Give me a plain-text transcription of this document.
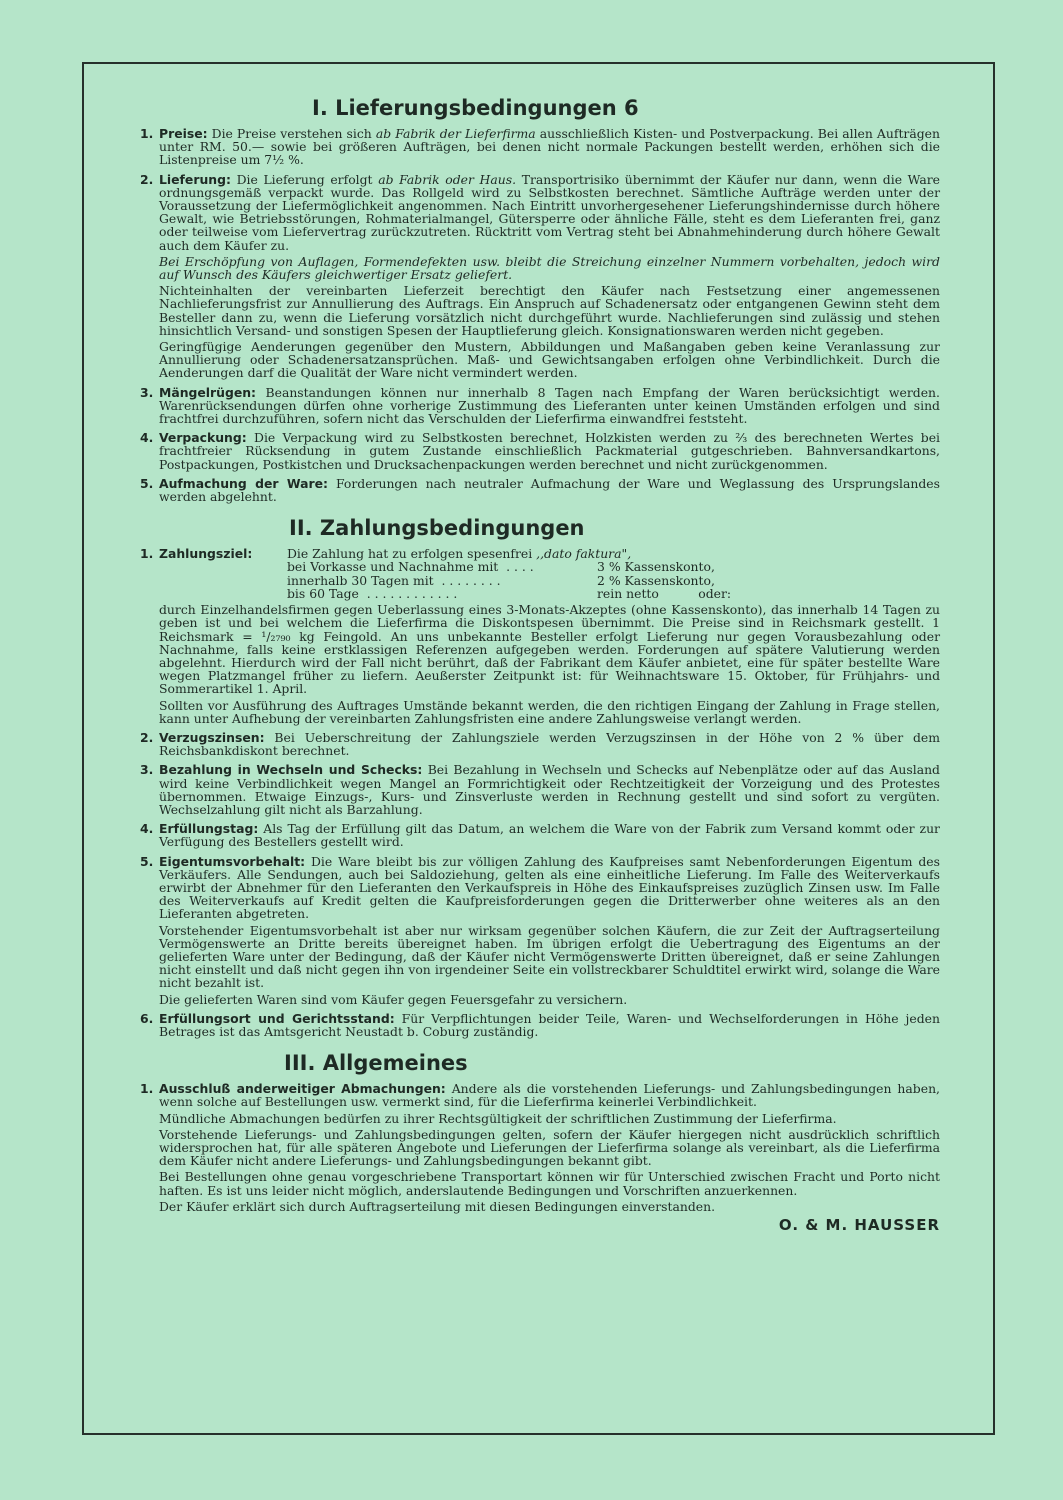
I. Lieferungsbedingungen 6
1. Preise: Die Preise verstehen sich ab Fabrik der Lieferfirma ausschließlich Kisten- und Postverpackung. Bei allen Aufträgen unter RM. 50.— sowie bei größeren Aufträgen, bei denen nicht normale Packungen bestellt werden, erhöhen sich die Listenpreise um 7½ %.

2. Lieferung: Die Lieferung erfolgt ab Fabrik oder Haus. Transportrisiko übernimmt der Käufer nur dann, wenn die Ware ordnungsgemäß verpackt wurde. Das Rollgeld wird zu Selbstkosten berechnet. Sämtliche Aufträge werden unter der Voraussetzung der Liefermöglichkeit angenommen. Nach Eintritt unvorhergesehener Lieferungshindernisse durch höhere Gewalt, wie Betriebsstörungen, Rohmaterialmangel, Gütersperre oder ähnliche Fälle, steht es dem Lieferanten frei, ganz oder teilweise vom Liefervertrag zurückzutreten. Rücktritt vom Vertrag steht bei Abnahmehinderung durch höhere Gewalt auch dem Käufer zu.

Bei Erschöpfung von Auflagen, Formendefekten usw. bleibt die Streichung einzelner Nummern vorbehalten, jedoch wird auf Wunsch des Käufers gleichwertiger Ersatz geliefert.

Nichteinhalten der vereinbarten Lieferzeit berechtigt den Käufer nach Festsetzung einer angemessenen Nachlieferungsfrist zur Annullierung des Auftrags. Ein Anspruch auf Schadenersatz oder entgangenen Gewinn steht dem Besteller dann zu, wenn die Lieferung vorsätzlich nicht durchgeführt wurde. Nachlieferungen sind zulässig und stehen hinsichtlich Versand- und sonstigen Spesen der Hauptlieferung gleich. Konsignationswaren werden nicht gegeben.

Geringfügige Aenderungen gegenüber den Mustern, Abbildungen und Maßangaben geben keine Veranlassung zur Annullierung oder Schadenersatzansprüchen. Maß- und Gewichtsangaben erfolgen ohne Verbindlichkeit. Durch die Aenderungen darf die Qualität der Ware nicht vermindert werden.

3. Mängelrügen: Beanstandungen können nur innerhalb 8 Tagen nach Empfang der Waren berücksichtigt werden. Warenrücksendungen dürfen ohne vorherige Zustimmung des Lieferanten unter keinen Umständen erfolgen und sind frachtfrei durchzuführen, sofern nicht das Verschulden der Lieferfirma einwandfrei feststeht.

4. Verpackung: Die Verpackung wird zu Selbstkosten berechnet, Holzkisten werden zu ⅔ des berechneten Wertes bei frachtfreier Rücksendung in gutem Zustande einschließlich Packmaterial gutgeschrieben. Bahnversandkartons, Postpackungen, Postkistchen und Drucksachenpackungen werden berechnet und nicht zurückgenommen.

5. Aufmachung der Ware: Forderungen nach neutraler Aufmachung der Ware und Weglassung des Ursprungslandes werden abgelehnt.

II. Zahlungsbedingungen
1. Zahlungsziel:	Die Zahlung hat zu erfolgen spesenfrei ,,dato faktura",
bei Vorkasse und Nachnahme mit  . . . .	3 % Kassenskonto,
innerhalb 30 Tagen mit  . . . . . . . .	2 % Kassenskonto,
bis 60 Tage  . . . . . . . . . . . .	rein netto          oder:

durch Einzelhandelsfirmen gegen Ueberlassung eines 3-Monats-Akzeptes (ohne Kassenskonto), das innerhalb 14 Tagen zu geben ist und bei welchem die Lieferfirma die Diskontspesen übernimmt. Die Preise sind in Reichsmark gestellt. 1 Reichsmark = ¹/₂₇₉₀ kg Feingold. An uns unbekannte Besteller erfolgt Lieferung nur gegen Vorausbezahlung oder Nachnahme, falls keine erstklassigen Referenzen aufgegeben werden. Forderungen auf spätere Valutierung werden abgelehnt. Hierdurch wird der Fall nicht berührt, daß der Fabrikant dem Käufer anbietet, eine für später bestellte Ware wegen Platzmangel früher zu liefern. Aeußerster Zeitpunkt ist: für Weihnachtsware 15. Oktober, für Frühjahrs- und Sommerartikel 1. April.

Sollten vor Ausführung des Auftrages Umstände bekannt werden, die den richtigen Eingang der Zahlung in Frage stellen, kann unter Aufhebung der vereinbarten Zahlungsfristen eine andere Zahlungsweise verlangt werden.

2. Verzugszinsen: Bei Ueberschreitung der Zahlungsziele werden Verzugszinsen in der Höhe von 2 % über dem Reichsbankdiskont berechnet.

3. Bezahlung in Wechseln und Schecks: Bei Bezahlung in Wechseln und Schecks auf Nebenplätze oder auf das Ausland wird keine Verbindlichkeit wegen Mangel an Formrichtigkeit oder Rechtzeitigkeit der Vorzeigung und des Protestes übernommen. Etwaige Einzugs-, Kurs- und Zinsverluste werden in Rechnung gestellt und sind sofort zu vergüten. Wechselzahlung gilt nicht als Barzahlung.

4. Erfüllungstag: Als Tag der Erfüllung gilt das Datum, an welchem die Ware von der Fabrik zum Versand kommt oder zur Verfügung des Bestellers gestellt wird.

5. Eigentumsvorbehalt: Die Ware bleibt bis zur völligen Zahlung des Kaufpreises samt Nebenforderungen Eigentum des Verkäufers. Alle Sendungen, auch bei Saldoziehung, gelten als eine einheitliche Lieferung. Im Falle des Weiterverkaufs erwirbt der Abnehmer für den Lieferanten den Verkaufspreis in Höhe des Einkaufspreises zuzüglich Zinsen usw. Im Falle des Weiterverkaufs auf Kredit gelten die Kaufpreisforderungen gegen die Dritterwerber ohne weiteres als an den Lieferanten abgetreten.

Vorstehender Eigentumsvorbehalt ist aber nur wirksam gegenüber solchen Käufern, die zur Zeit der Auftragserteilung Vermögenswerte an Dritte bereits übereignet haben. Im übrigen erfolgt die Uebertragung des Eigentums an der gelieferten Ware unter der Bedingung, daß der Käufer nicht Vermögenswerte Dritten übereignet, daß er seine Zahlungen nicht einstellt und daß nicht gegen ihn von irgendeiner Seite ein vollstreckbarer Schuldtitel erwirkt wird, solange die Ware nicht bezahlt ist.

Die gelieferten Waren sind vom Käufer gegen Feuersgefahr zu versichern.

6. Erfüllungsort und Gerichtsstand: Für Verpflichtungen beider Teile, Waren- und Wechselforderungen in Höhe jeden Betrages ist das Amtsgericht Neustadt b. Coburg zuständig.

III. Allgemeines
1. Ausschluß anderweitiger Abmachungen: Andere als die vorstehenden Lieferungs- und Zahlungsbedingungen haben, wenn solche auf Bestellungen usw. vermerkt sind, für die Lieferfirma keinerlei Verbindlichkeit.

Mündliche Abmachungen bedürfen zu ihrer Rechtsgültigkeit der schriftlichen Zustimmung der Lieferfirma.

Vorstehende Lieferungs- und Zahlungsbedingungen gelten, sofern der Käufer hiergegen nicht ausdrücklich schriftlich widersprochen hat, für alle späteren Angebote und Lieferungen der Lieferfirma solange als vereinbart, als die Lieferfirma dem Käufer nicht andere Lieferungs- und Zahlungsbedingungen bekannt gibt.

Bei Bestellungen ohne genau vorgeschriebene Transportart können wir für Unterschied zwischen Fracht und Porto nicht haften. Es ist uns leider nicht möglich, anderslautende Bedingungen und Vorschriften anzuerkennen.

Der Käufer erklärt sich durch Auftragserteilung mit diesen Bedingungen einverstanden.

O. & M. HAUSSER
